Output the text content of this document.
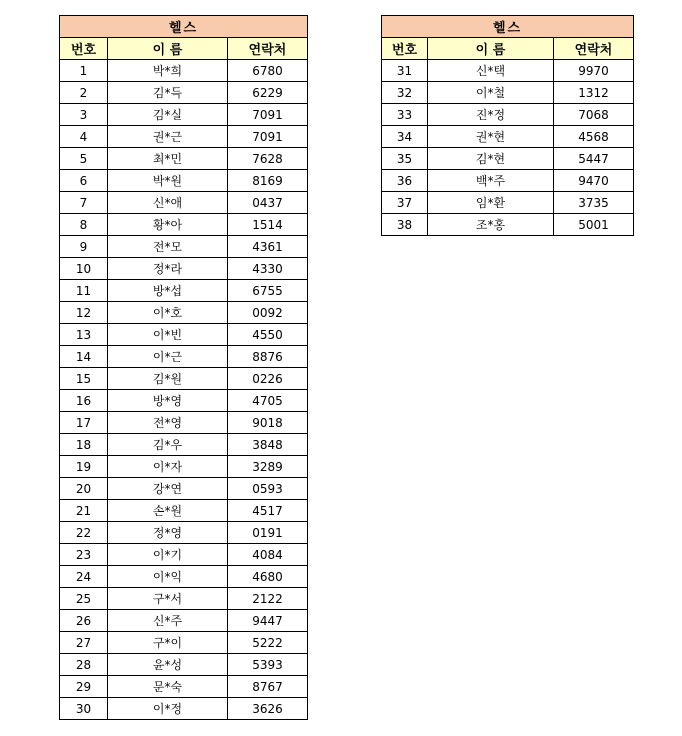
헬스		
번호	이 름	연락처
1	박*희	6780
2	김*득	6229
3	김*실	7091
4	권*근	7091
5	최*민	7628
6	박*원	8169
7	신*애	0437
8	황*아	1514
9	전*모	4361
10	정*라	4330
11	방*섭	6755
12	이*호	0092
13	이*빈	4550
14	이*근	8876
15	김*원	0226
16	방*영	4705
17	전*영	9018
18	김*우	3848
19	이*자	3289
20	강*연	0593
21	손*원	4517
22	정*영	0191
23	이*기	4084
24	이*익	4680
25	구*서	2122
26	신*주	9447
27	구*이	5222
28	윤*성	5393
29	문*숙	8767
30	이*정	3626
헬스		
번호	이 름	연락처
31	신*택	9970
32	이*철	1312
33	진*정	7068
34	권*현	4568
35	김*현	5447
36	백*주	9470
37	임*환	3735
38	조*홍	5001
